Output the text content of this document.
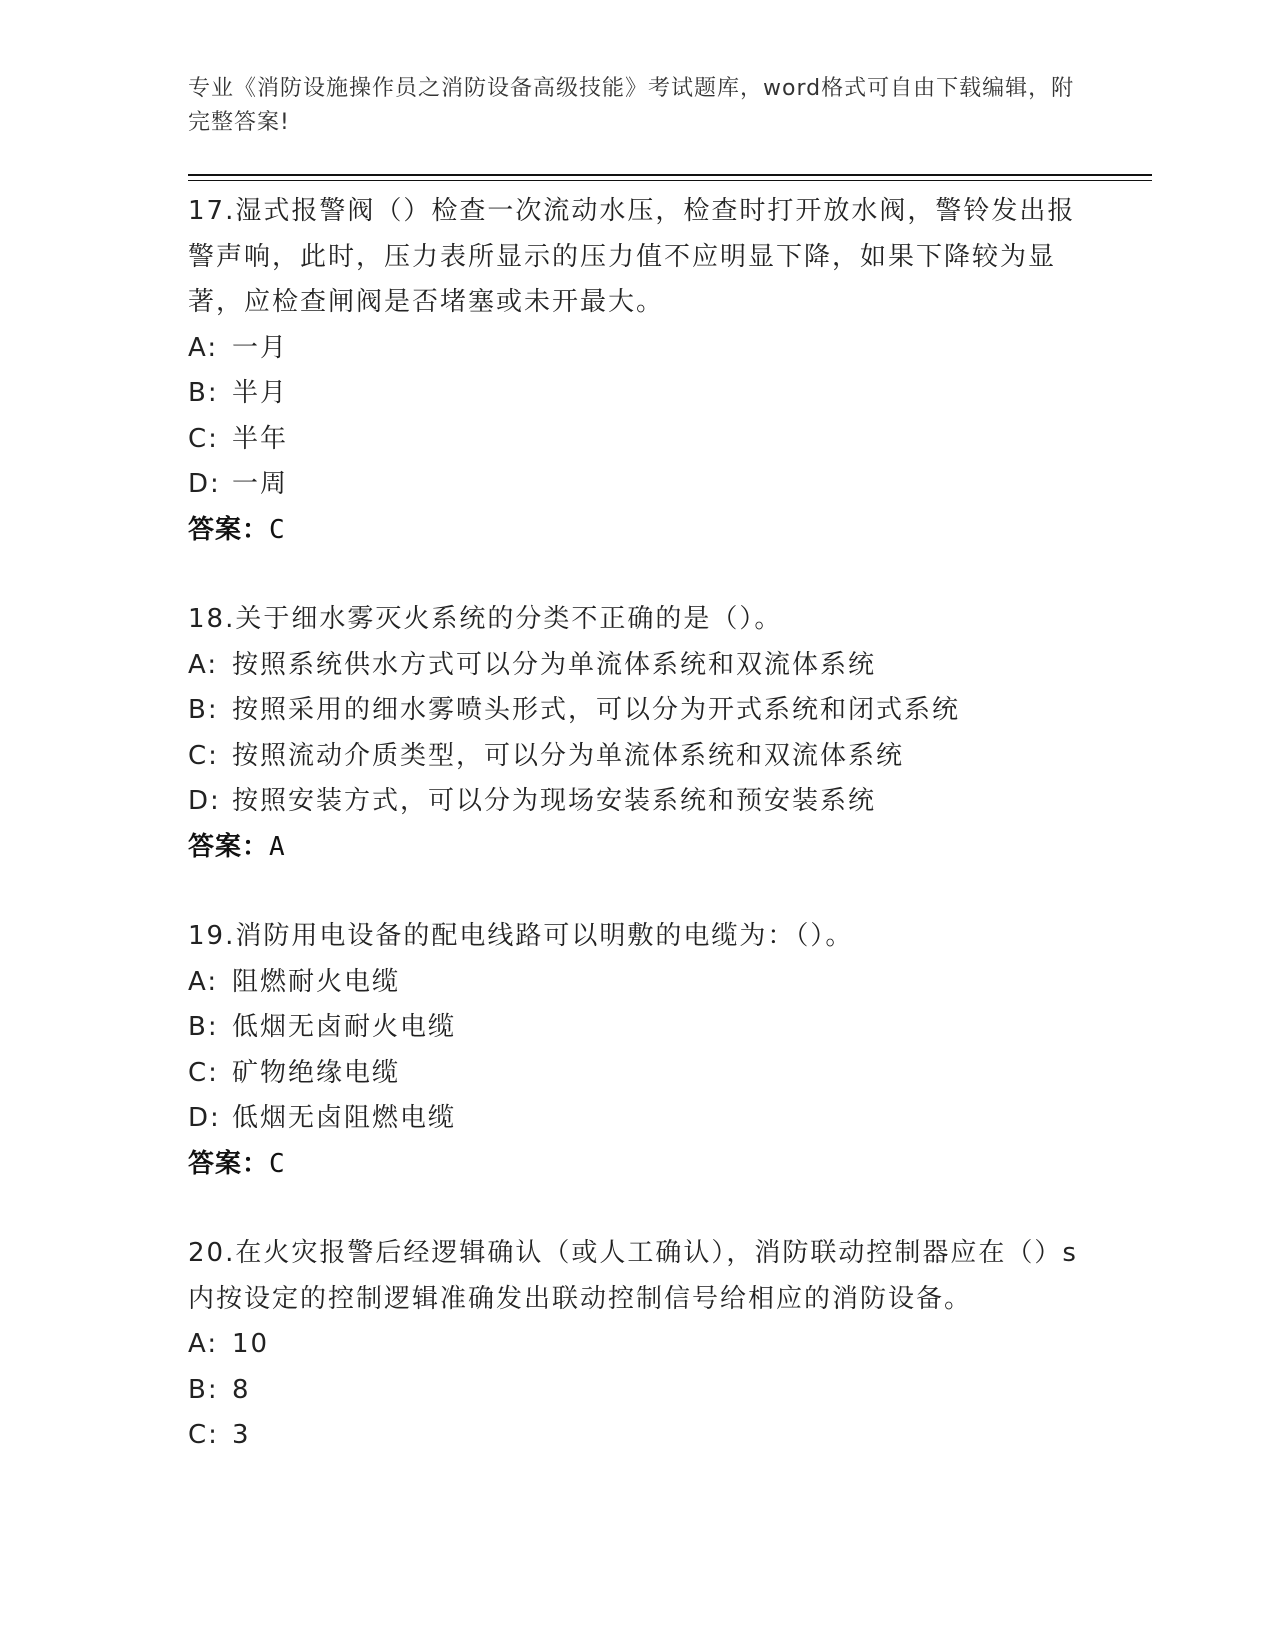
专业《消防设施操作员之消防设备高级技能》考试题库，word格式可自由下载编辑，附完整答案!
17.湿式报警阀（）检查一次流动水压，检查时打开放水阀，警铃发出报警声响，此时，压力表所显示的压力值不应明显下降，如果下降较为显著，应检查闸阀是否堵塞或未开最大。
A: 一月
B: 半月
C: 半年
D: 一周
答案：C
18.关于细水雾灭火系统的分类不正确的是（）。
A: 按照系统供水方式可以分为单流体系统和双流体系统
B: 按照采用的细水雾喷头形式，可以分为开式系统和闭式系统
C: 按照流动介质类型，可以分为单流体系统和双流体系统
D: 按照安装方式，可以分为现场安装系统和预安装系统
答案：A
19.消防用电设备的配电线路可以明敷的电缆为：（）。
A: 阻燃耐火电缆
B: 低烟无卤耐火电缆
C: 矿物绝缘电缆
D: 低烟无卤阻燃电缆
答案：C
20.在火灾报警后经逻辑确认（或人工确认），消防联动控制器应在（）s内按设定的控制逻辑准确发出联动控制信号给相应的消防设备。
A: 10
B: 8
C: 3
